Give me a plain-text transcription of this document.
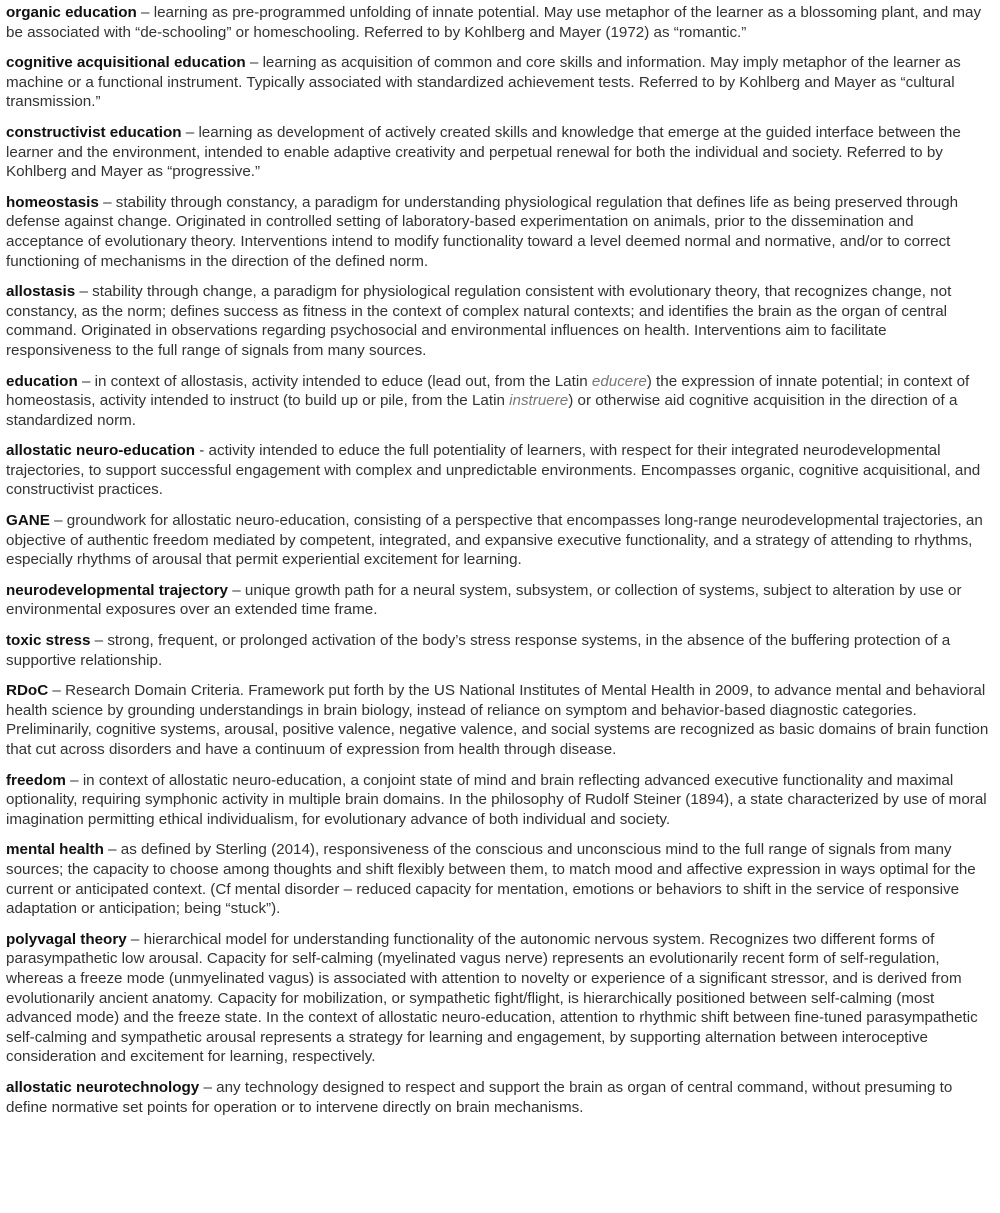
organic education – learning as pre-programmed unfolding of innate potential. May use metaphor of the learner as a blossoming plant, and may be associated with “de-schooling” or homeschooling. Referred to by Kohlberg and Mayer (1972) as “romantic.”

cognitive acquisitional education – learning as acquisition of common and core skills and information. May imply metaphor of the learner as machine or a functional instrument. Typically associated with standardized achievement tests. Referred to by Kohlberg and Mayer as “cultural transmission.”

constructivist education – learning as development of actively created skills and knowledge that emerge at the guided interface between the learner and the environment, intended to enable adaptive creativity and perpetual renewal for both the individual and society. Referred to by Kohlberg and Mayer as “progressive.”

homeostasis – stability through constancy, a paradigm for understanding physiological regulation that defines life as being preserved through defense against change. Originated in controlled setting of laboratory-based experimentation on animals, prior to the dissemination and acceptance of evolutionary theory. Interventions intend to modify functionality toward a level deemed normal and normative, and/or to correct functioning of mechanisms in the direction of the defined norm.

allostasis – stability through change, a paradigm for physiological regulation consistent with evolutionary theory, that recognizes change, not constancy, as the norm; defines success as fitness in the context of complex natural contexts; and identifies the brain as the organ of central command. Originated in observations regarding psychosocial and environmental influences on health. Interventions aim to facilitate responsiveness to the full range of signals from many sources.

education – in context of allostasis, activity intended to educe (lead out, from the Latin educere) the expression of innate potential; in context of homeostasis, activity intended to instruct (to build up or pile, from the Latin instruere) or otherwise aid cognitive acquisition in the direction of a standardized norm.

allostatic neuro-education - activity intended to educe the full potentiality of learners, with respect for their integrated neurodevelopmental trajectories, to support successful engagement with complex and unpredictable environments. Encompasses organic, cognitive acquisitional, and constructivist practices.

GANE – groundwork for allostatic neuro-education, consisting of a perspective that encompasses long-range neurodevelopmental trajectories, an objective of authentic freedom mediated by competent, integrated, and expansive executive functionality, and a strategy of attending to rhythms, especially rhythms of arousal that permit experiential excitement for learning.

neurodevelopmental trajectory – unique growth path for a neural system, subsystem, or collection of systems, subject to alteration by use or environmental exposures over an extended time frame.

toxic stress – strong, frequent, or prolonged activation of the body’s stress response systems, in the absence of the buffering protection of a supportive relationship.

RDoC – Research Domain Criteria. Framework put forth by the US National Institutes of Mental Health in 2009, to advance mental and behavioral health science by grounding understandings in brain biology, instead of reliance on symptom and behavior-based diagnostic categories. Preliminarily, cognitive systems, arousal, positive valence, negative valence, and social systems are recognized as basic domains of brain function that cut across disorders and have a continuum of expression from health through disease.

freedom – in context of allostatic neuro-education, a conjoint state of mind and brain reflecting advanced executive functionality and maximal optionality, requiring symphonic activity in multiple brain domains. In the philosophy of Rudolf Steiner (1894), a state characterized by use of moral imagination permitting ethical individualism, for evolutionary advance of both individual and society.

mental health – as defined by Sterling (2014), responsiveness of the conscious and unconscious mind to the full range of signals from many sources; the capacity to choose among thoughts and shift flexibly between them, to match mood and affective expression in ways optimal for the current or anticipated context. (Cf mental disorder – reduced capacity for mentation, emotions or behaviors to shift in the service of responsive adaptation or anticipation; being “stuck”).

polyvagal theory – hierarchical model for understanding functionality of the autonomic nervous system. Recognizes two different forms of parasympathetic low arousal. Capacity for self-calming (myelinated vagus nerve) represents an evolutionarily recent form of self-regulation, whereas a freeze mode (unmyelinated vagus) is associated with attention to novelty or experience of a significant stressor, and is derived from evolutionarily ancient anatomy. Capacity for mobilization, or sympathetic fight/flight, is hierarchically positioned between self-calming (most advanced mode) and the freeze state. In the context of allostatic neuro-education, attention to rhythmic shift between fine-tuned parasympathetic self-calming and sympathetic arousal represents a strategy for learning and engagement, by supporting alternation between interoceptive consideration and excitement for learning, respectively.

allostatic neurotechnology – any technology designed to respect and support the brain as organ of central command, without presuming to define normative set points for operation or to intervene directly on brain mechanisms.
